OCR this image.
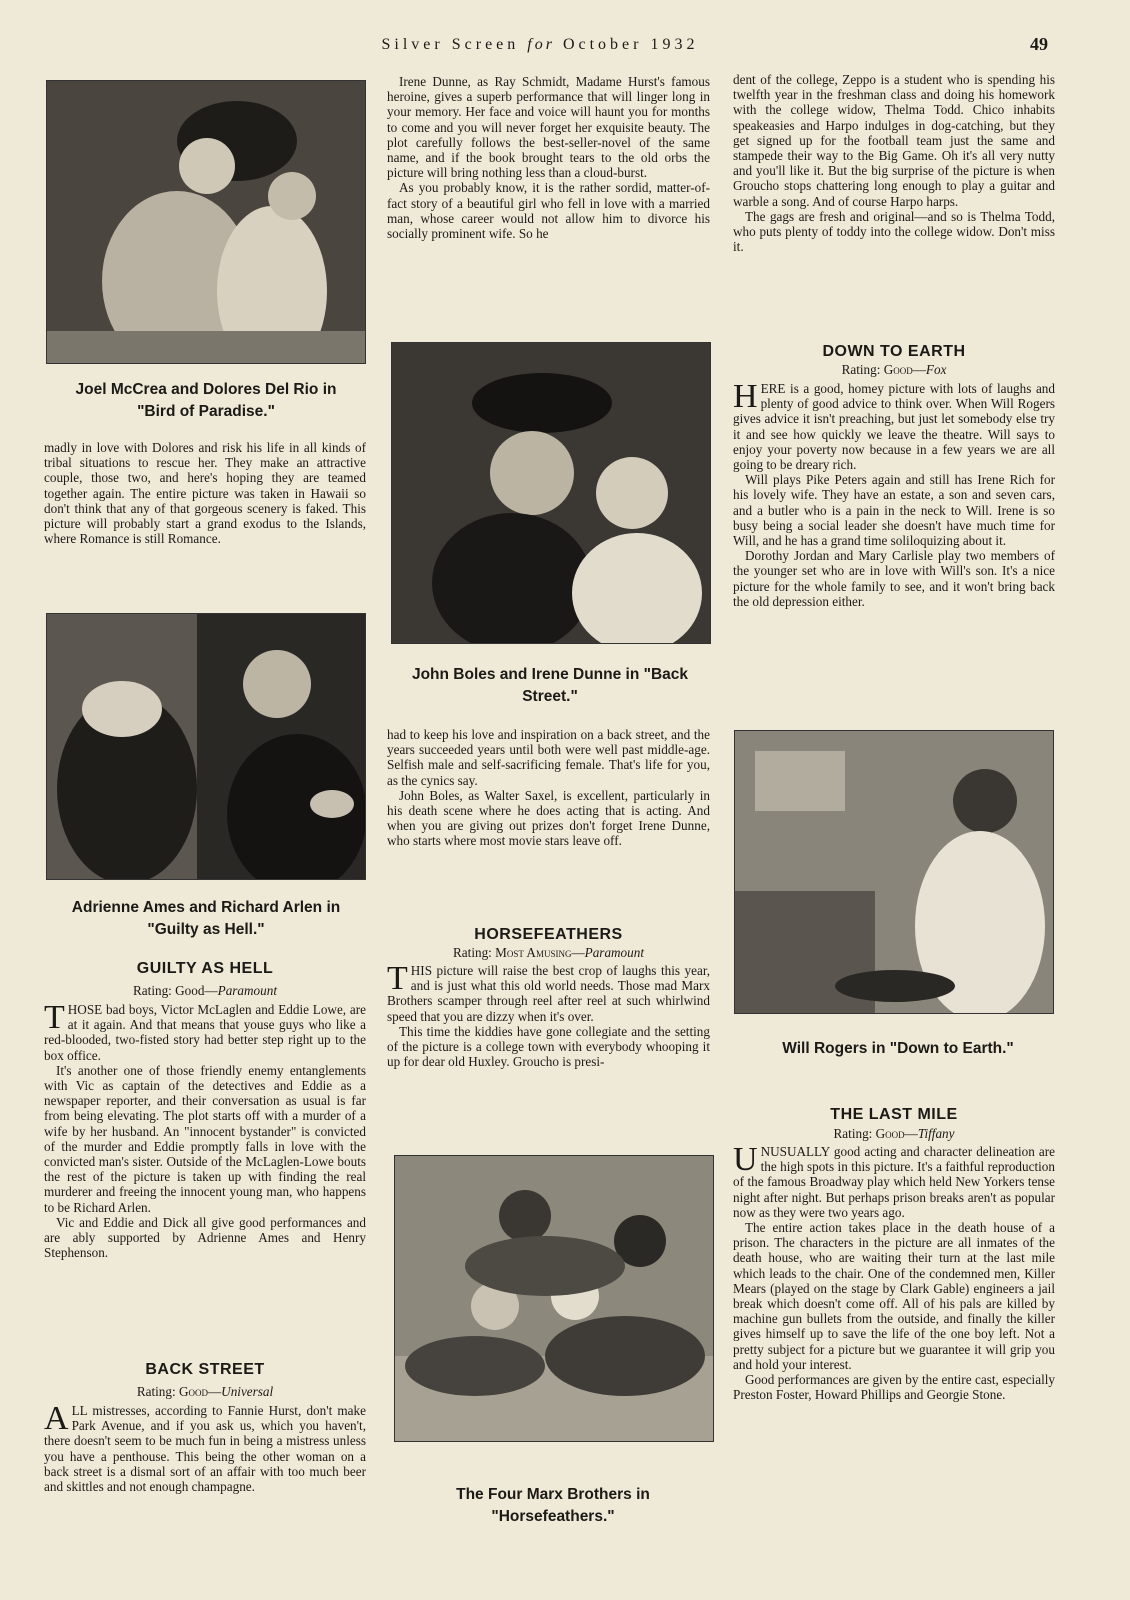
Silver Screen for October 1932	49
Joel McCrea and Dolores Del Rio in "Bird of Paradise."

madly in love with Dolores and risk his life in all kinds of tribal situations to rescue her. They make an attractive couple, those two, and here's hoping they are teamed together again. The entire picture was taken in Hawaii so don't think that any of that gorgeous scenery is faked. This picture will probably start a grand exodus to the Islands, where Romance is still Romance.

Adrienne Ames and Richard Arlen in "Guilty as Hell."
GUILTY AS HELL
Rating: Good—Paramount

THOSE bad boys, Victor McLaglen and Eddie Lowe, are at it again. And that means that youse guys who like a red-blooded, two-fisted story had better step right up to the box office.

It's another one of those friendly enemy entanglements with Vic as captain of the detectives and Eddie as a newspaper reporter, and their conversation as usual is far from being elevating. The plot starts off with a murder of a wife by her husband. An "innocent bystander" is convicted of the murder and Eddie promptly falls in love with the convicted man's sister. Outside of the McLaglen-Lowe bouts the rest of the picture is taken up with finding the real murderer and freeing the innocent young man, who happens to be Richard Arlen.

Vic and Eddie and Dick all give good performances and are ably supported by Adrienne Ames and Henry Stephenson.

BACK STREET
Rating: Good—Universal

ALL mistresses, according to Fannie Hurst, don't make Park Avenue, and if you ask us, which you haven't, there doesn't seem to be much fun in being a mistress unless you have a penthouse. This being the other woman on a back street is a dismal sort of an affair with too much beer and skittles and not enough champagne.

Irene Dunne, as Ray Schmidt, Madame Hurst's famous heroine, gives a superb performance that will linger long in your memory. Her face and voice will haunt you for months to come and you will never forget her exquisite beauty. The plot carefully follows the best-seller-novel of the same name, and if the book brought tears to the old orbs the picture will bring nothing less than a cloud-burst.

As you probably know, it is the rather sordid, matter-of-fact story of a beautiful girl who fell in love with a married man, whose career would not allow him to divorce his socially prominent wife. So he

John Boles and Irene Dunne in "Back Street."

had to keep his love and inspiration on a back street, and the years succeeded years until both were well past middle-age. Selfish male and self-sacrificing female. That's life for you, as the cynics say.

John Boles, as Walter Saxel, is excellent, particularly in his death scene where he does acting that is acting. And when you are giving out prizes don't forget Irene Dunne, who starts where most movie stars leave off.

HORSEFEATHERS
Rating: Most Amusing—Paramount

THIS picture will raise the best crop of laughs this year, and is just what this old world needs. Those mad Marx Brothers scamper through reel after reel at such whirlwind speed that you are dizzy when it's over.

This time the kiddies have gone collegiate and the setting of the picture is a college town with everybody whooping it up for dear old Huxley. Groucho is presi-

The Four Marx Brothers in "Horsefeathers."

dent of the college, Zeppo is a student who is spending his twelfth year in the freshman class and doing his homework with the college widow, Thelma Todd. Chico inhabits speakeasies and Harpo indulges in dog-catching, but they get signed up for the football team just the same and stampede their way to the Big Game. Oh it's all very nutty and you'll like it. But the big surprise of the picture is when Groucho stops chattering long enough to play a guitar and warble a song. And of course Harpo harps.

The gags are fresh and original—and so is Thelma Todd, who puts plenty of toddy into the college widow. Don't miss it.

DOWN TO EARTH
Rating: Good—Fox

HERE is a good, homey picture with lots of laughs and plenty of good advice to think over. When Will Rogers gives advice it isn't preaching, but just let somebody else try it and see how quickly we leave the theatre. Will says to enjoy your poverty now because in a few years we are all going to be dreary rich.

Will plays Pike Peters again and still has Irene Rich for his lovely wife. They have an estate, a son and seven cars, and a butler who is a pain in the neck to Will. Irene is so busy being a social leader she doesn't have much time for Will, and he has a grand time soliloquizing about it.

Dorothy Jordan and Mary Carlisle play two members of the younger set who are in love with Will's son. It's a nice picture for the whole family to see, and it won't bring back the old depression either.

Will Rogers in "Down to Earth."
THE LAST MILE
Rating: Good—Tiffany

UNUSUALLY good acting and character delineation are the high spots in this picture. It's a faithful reproduction of the famous Broadway play which held New Yorkers tense night after night. But perhaps prison breaks aren't as popular now as they were two years ago.

The entire action takes place in the death house of a prison. The characters in the picture are all inmates of the death house, who are waiting their turn at the last mile which leads to the chair. One of the condemned men, Killer Mears (played on the stage by Clark Gable) engineers a jail break which doesn't come off. All of his pals are killed by machine gun bullets from the outside, and finally the killer gives himself up to save the life of the one boy left. Not a pretty subject for a picture but we guarantee it will grip you and hold your interest.

Good performances are given by the entire cast, especially Preston Foster, Howard Phillips and Georgie Stone.
